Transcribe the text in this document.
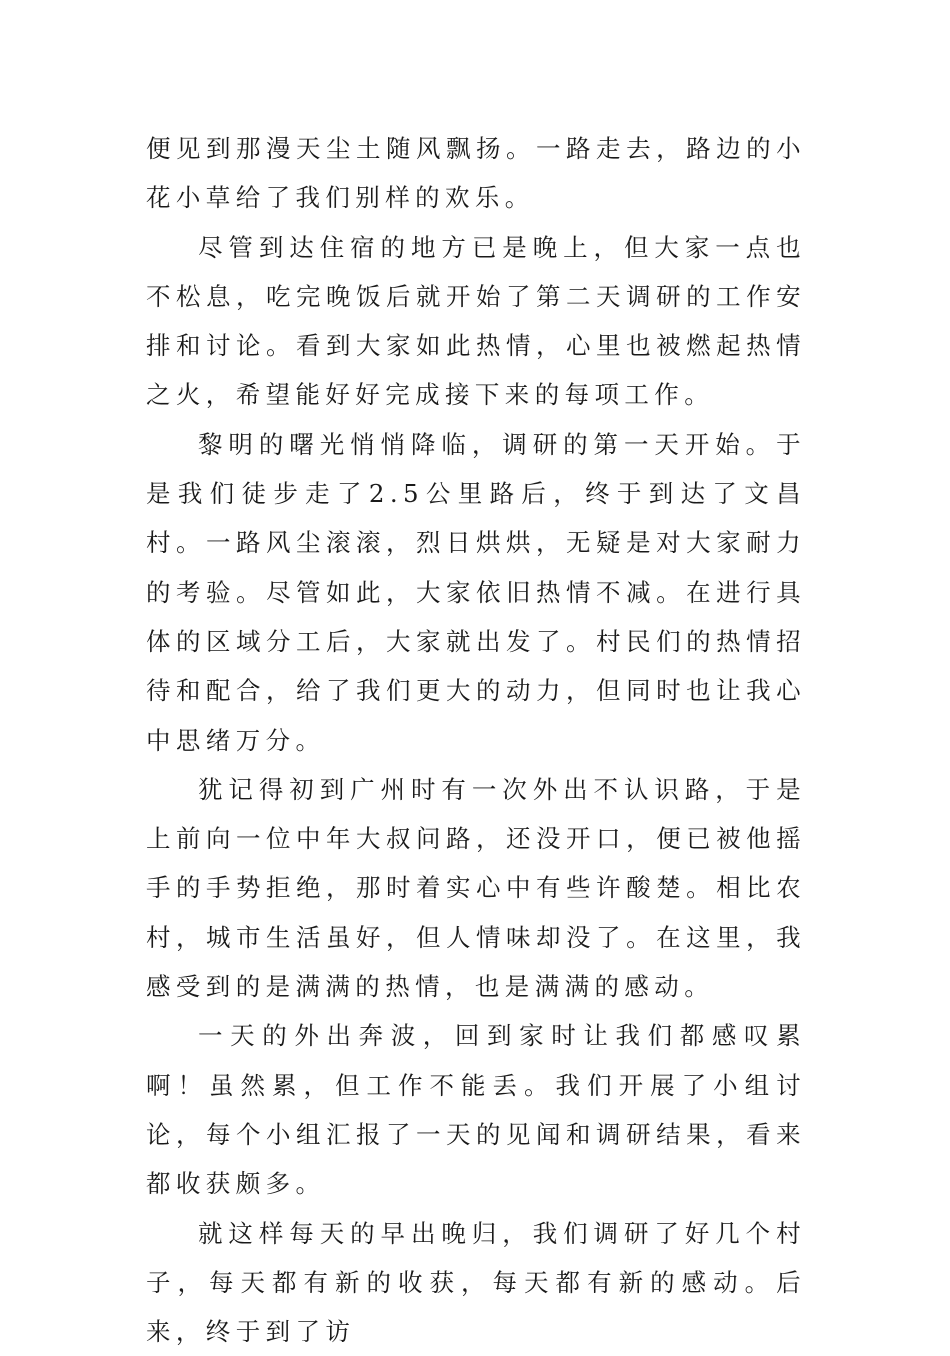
便见到那漫天尘土随风飘扬。一路走去，路边的小花小草给了我们别样的欢乐。

尽管到达住宿的地方已是晚上，但大家一点也不松息，吃完晚饭后就开始了第二天调研的工作安排和讨论。看到大家如此热情，心里也被燃起热情之火，希望能好好完成接下来的每项工作。

黎明的曙光悄悄降临，调研的第一天开始。于是我们徒步走了2.5公里路后，终于到达了文昌村。一路风尘滚滚，烈日烘烘，无疑是对大家耐力的考验。尽管如此，大家依旧热情不减。在进行具体的区域分工后，大家就出发了。村民们的热情招待和配合，给了我们更大的动力，但同时也让我心中思绪万分。

犹记得初到广州时有一次外出不认识路，于是上前向一位中年大叔问路，还没开口，便已被他摇手的手势拒绝，那时着实心中有些许酸楚。相比农村，城市生活虽好，但人情味却没了。在这里，我感受到的是满满的热情，也是满满的感动。

一天的外出奔波，回到家时让我们都感叹累啊！虽然累，但工作不能丢。我们开展了小组讨论，每个小组汇报了一天的见闻和调研结果，看来都收获颇多。

就这样每天的早出晚归，我们调研了好几个村子，每天都有新的收获，每天都有新的感动。后来，终于到了访
